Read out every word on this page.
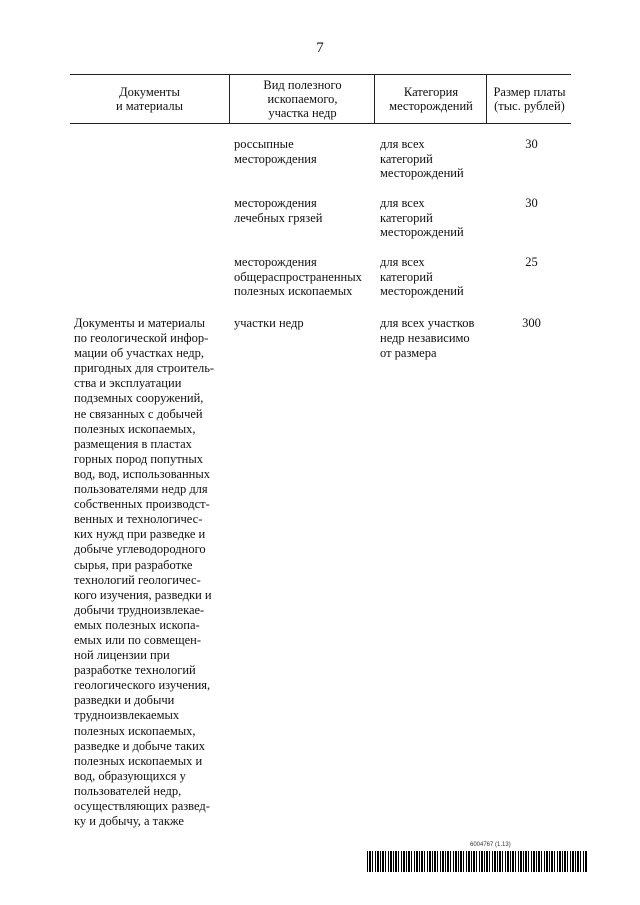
7
Документы
и материалы
Вид полезного
ископаемого,
участка недр
Категория
месторождений
Размер платы
(тыс. рублей)
россыпные
месторождения
для всех
категорий
месторождений
30
месторождения
лечебных грязей
для всех
категорий
месторождений
30
месторождения
общераспространенных
полезных ископаемых
для всех
категорий
месторождений
25
Документы и материалы
по геологической инфор-
мации об участках недр,
пригодных для строитель-
ства и эксплуатации
подземных сооружений,
не связанных с добычей
полезных ископаемых,
размещения в пластах
горных пород попутных
вод, вод, использованных
пользователями недр для
собственных производст-
венных и технологичес-
ких нужд при разведке и
добыче углеводородного
сырья, при разработке
технологий геологичес-
кого изучения, разведки и
добычи трудноизвлекаe-
емых полезных ископа-
емых или по совмещен-
ной лицензии при
разработке технологий
геологического изучения,
разведки и добычи
трудноизвлекаемых
полезных ископаемых,
разведке и добыче таких
полезных ископаемых и
вод, образующихся у
пользователей недр,
осуществляющих развед-
ку и добычу, а также
участки недр	для всех участков
недр независимо
от размера
300
6004767 (1.13)
